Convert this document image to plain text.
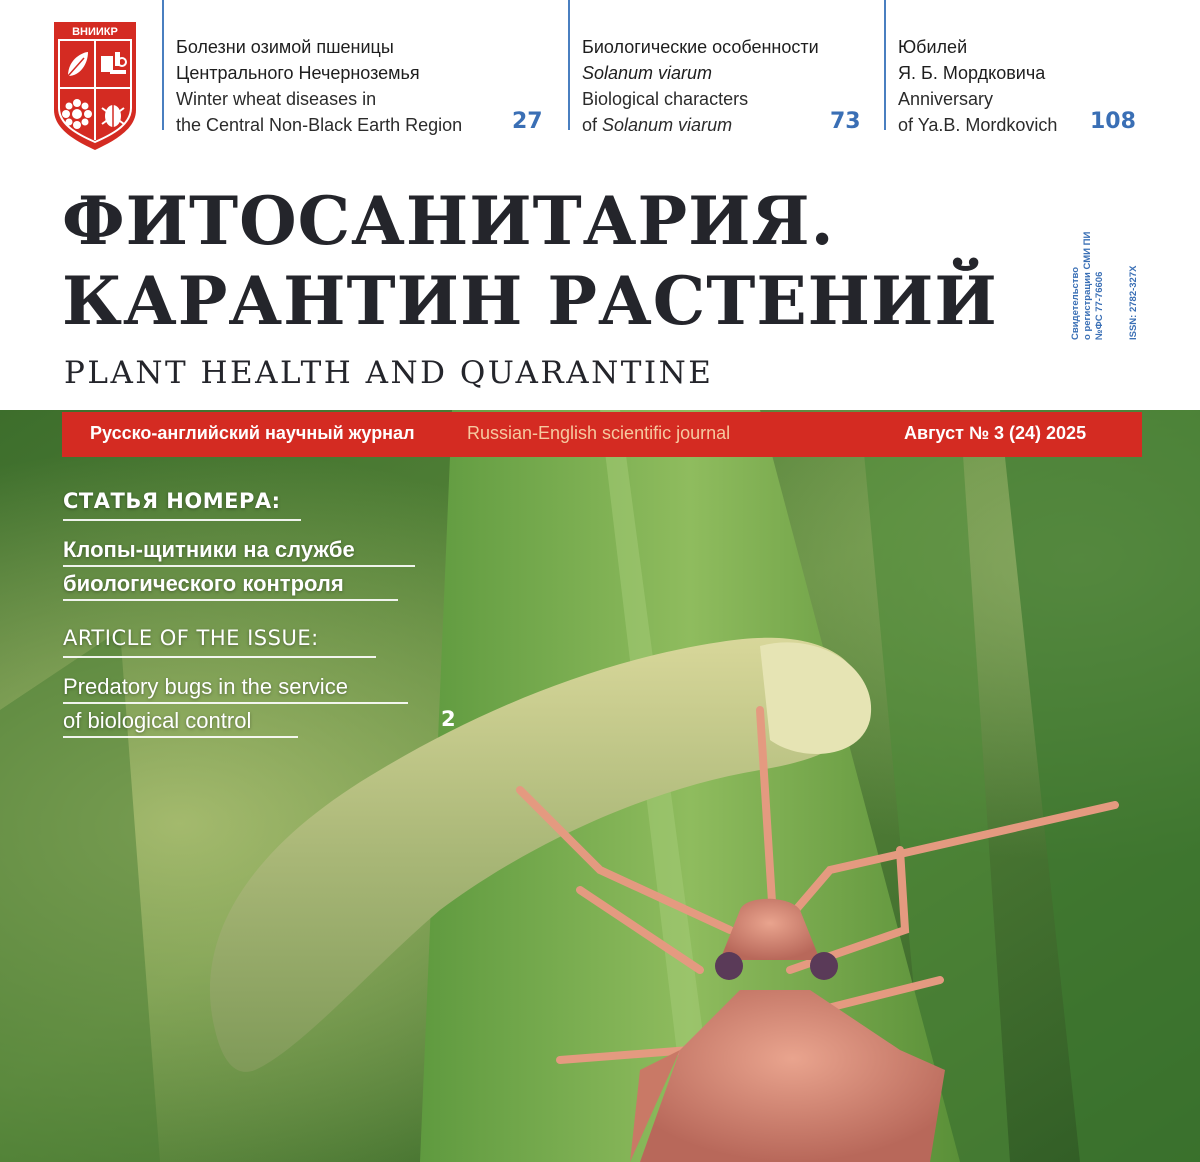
ВНИИКР
Болезни озимой пшеницы
Центрального Нечерноземья
Winter wheat diseases in
the Central Non-Black Earth Region 27
Биологические особенности
Solanum viarum
Biological characters
of Solanum viarum	73
Юбилей
Я. Б. Мордковича
Anniversary
of Ya.B. Mordkovich 108
ФИТОСАНИТАРИЯ.
КАРАНТИН РАСТЕНИЙ
PLANT HEALTH AND QUARANTINE
Свидетельство о регистрации СМИ ПИ №ФС 77-76606 ISSN: 2782-327X
Русско-английский научный журнал	Russian-English scientific journal	Август № 3 (24) 2025
СТАТЬЯ НОМЕРА:
Клопы-щитники на службе
биологического контроля
ARTICLE OF THE ISSUE:
Predatory bugs in the service
of biological control	2
